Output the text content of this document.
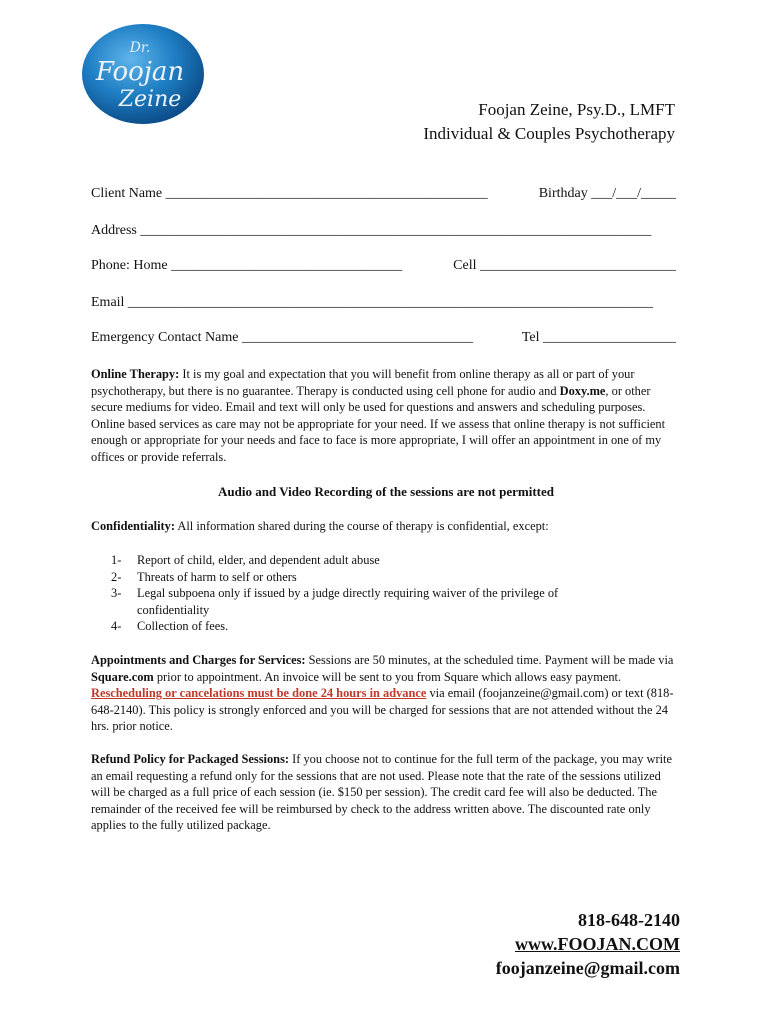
Dr.
Foojan
Zeine	Foojan Zeine, Psy.D., LMFT
Individual & Couples Psychotherapy
Client Name ______________________________________________	Birthday ___/___/_____
Address _________________________________________________________________________
Phone: Home _________________________________	Cell ____________________________
Email ___________________________________________________________________________
Emergency Contact Name _________________________________	Tel ___________________
Online Therapy: It is my goal and expectation that you will benefit from online therapy as all or part of your psychotherapy, but there is no guarantee. Therapy is conducted using cell phone for audio and Doxy.me, or other secure mediums for video. Email and text will only be used for questions and answers and scheduling purposes. Online based services as care may not be appropriate for your need. If we assess that online therapy is not sufficient enough or appropriate for your needs and face to face is more appropriate, I will offer an appointment in one of my offices or provide referrals.
Audio and Video Recording of the sessions are not permitted
Confidentiality: All information shared during the course of therapy is confidential, except:
1-	Report of child, elder, and dependent adult abuse
2-	Threats of harm to self or others
3-	Legal subpoena only if issued by a judge directly requiring waiver of the privilege of confidentiality
4-	Collection of fees.
Appointments and Charges for Services: Sessions are 50 minutes, at the scheduled time. Payment will be made via Square.com prior to appointment. An invoice will be sent to you from Square which allows easy payment. Rescheduling or cancelations must be done 24 hours in advance via email (foojanzeine@gmail.com) or text (818-648-2140). This policy is strongly enforced and you will be charged for sessions that are not attended without the 24 hrs. prior notice.
Refund Policy for Packaged Sessions: If you choose not to continue for the full term of the package, you may write an email requesting a refund only for the sessions that are not used. Please note that the rate of the sessions utilized will be charged as a full price of each session (ie. $150 per session). The credit card fee will also be deducted. The remainder of the received fee will be reimbursed by check to the address written above. The discounted rate only applies to the fully utilized package.
818-648-2140
www.FOOJAN.COM
foojanzeine@gmail.com
